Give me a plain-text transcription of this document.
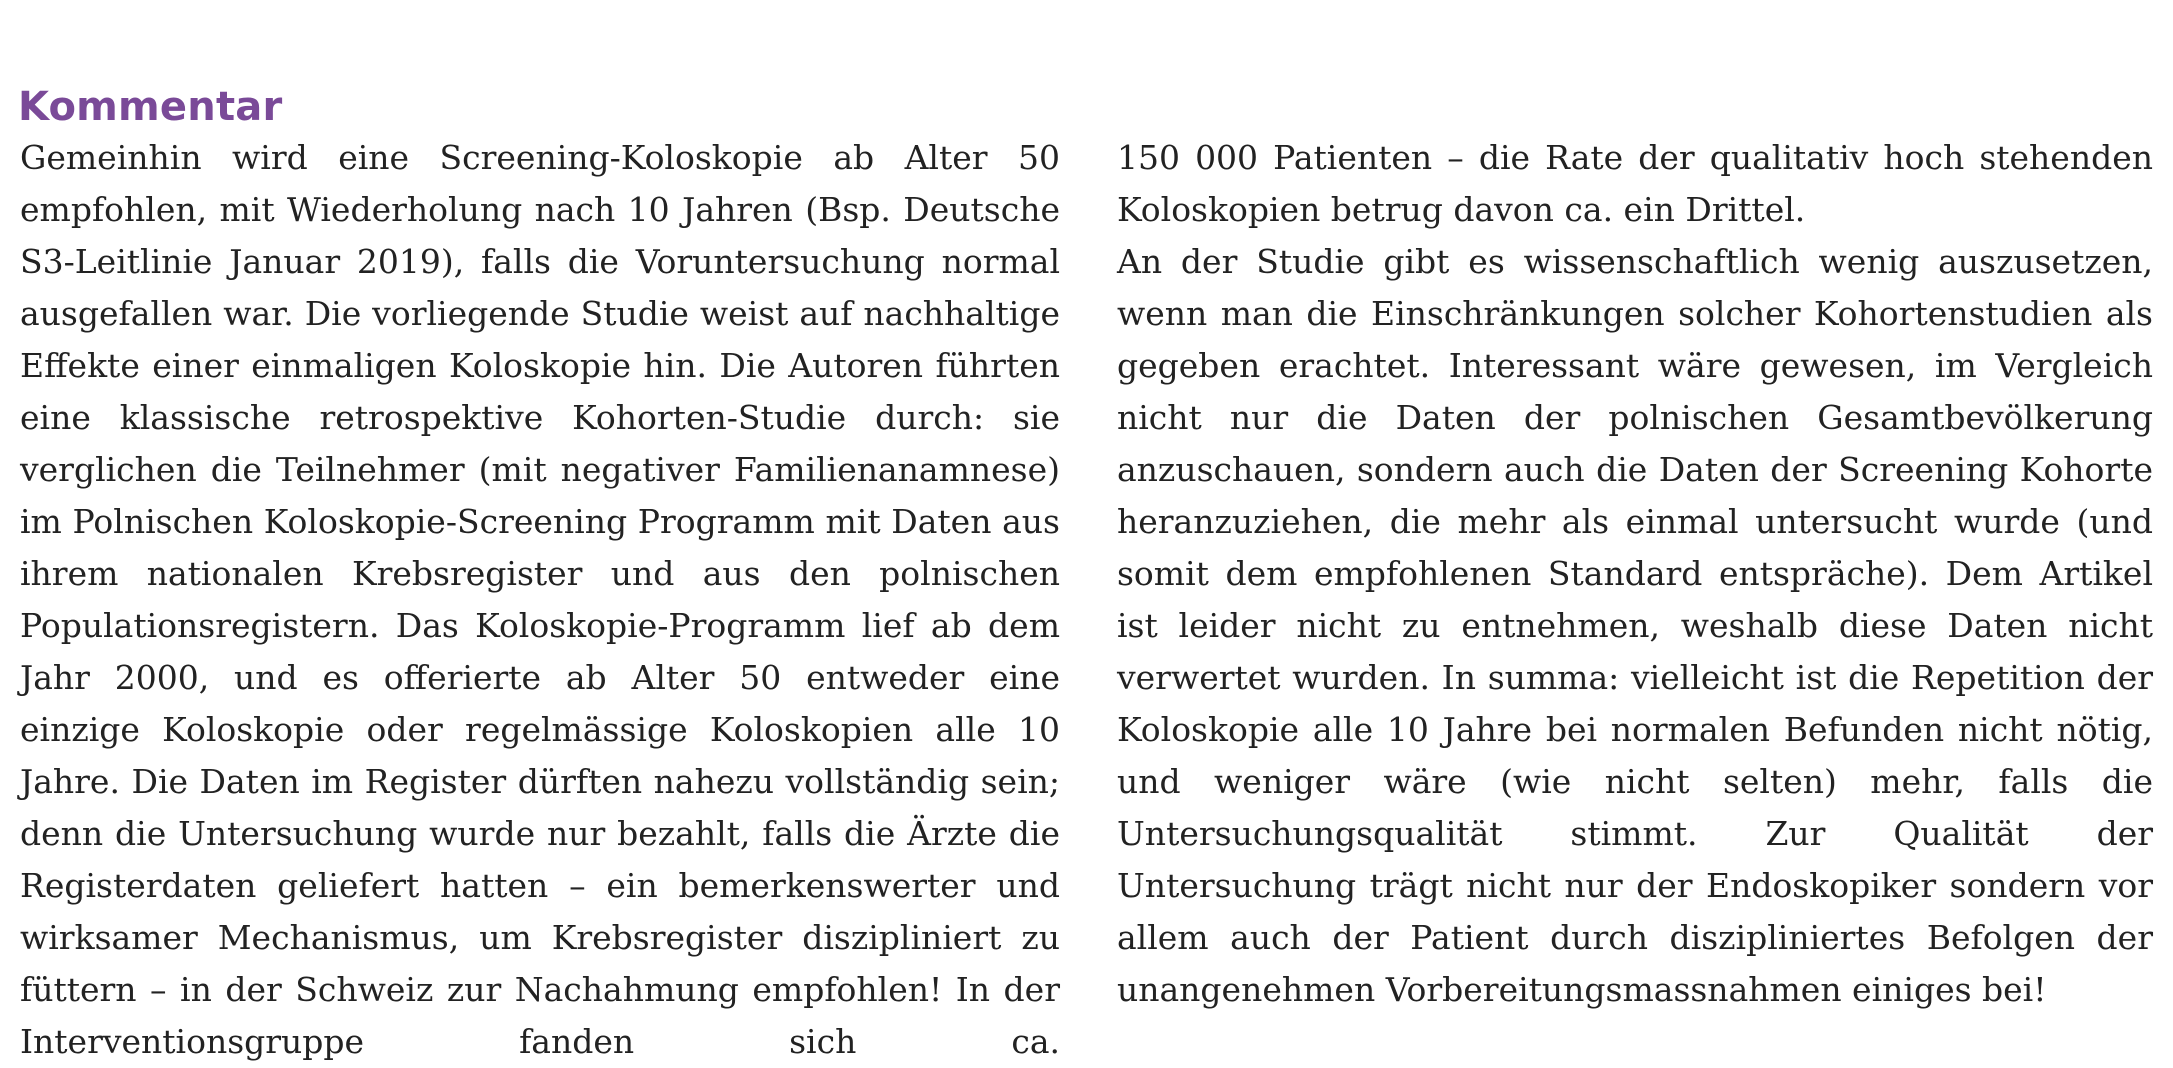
Kommentar

Gemeinhin wird eine Screening-Koloskopie ab Alter 50 empfohlen, mit Wiederholung nach 10 Jahren (Bsp. Deutsche S3-Leitlinie Januar 2019), falls die Voruntersuchung normal ausgefallen war. Die vorliegende Studie weist auf nachhaltige Effekte einer einmaligen Koloskopie hin. Die Autoren führten eine klassische retrospektive Kohorten-Studie durch: sie verglichen die Teilnehmer (mit negativer Familienanamnese) im Polnischen Koloskopie-Screening Programm mit Daten aus ihrem nationalen Krebsregister und aus den polnischen Populationsregistern. Das Koloskopie-Programm lief ab dem Jahr 2000, und es offerierte ab Alter 50 entweder eine einzige Koloskopie oder regelmässige Koloskopien alle 10 Jahre. Die Daten im Register dürften nahezu vollständig sein; denn die Untersuchung wurde nur bezahlt, falls die Ärzte die Registerdaten geliefert hatten – ein bemerkenswerter und wirksamer Mechanismus, um Krebsregister diszipliniert zu füttern – in der Schweiz zur Nachahmung empfohlen! In der Interventionsgruppe fanden sich ca.

150 000 Patienten – die Rate der qualitativ hoch stehenden Koloskopien betrug davon ca. ein Drittel.

An der Studie gibt es wissenschaftlich wenig auszusetzen, wenn man die Einschränkungen solcher Kohortenstudien als gegeben erachtet. Interessant wäre gewesen, im Vergleich nicht nur die Daten der polnischen Gesamtbevölkerung anzuschauen, sondern auch die Daten der Screening Kohorte heranzuziehen, die mehr als einmal untersucht wurde (und somit dem empfohlenen Standard entspräche). Dem Artikel ist leider nicht zu entnehmen, weshalb diese Daten nicht verwertet wurden. In summa: vielleicht ist die Repetition der Koloskopie alle 10 Jahre bei normalen Befunden nicht nötig, und weniger wäre (wie nicht selten) mehr, falls die Untersuchungsqualität stimmt. Zur Qualität der Untersuchung trägt nicht nur der Endoskopiker sondern vor allem auch der Patient durch diszipliniertes Befolgen der unangenehmen Vorbereitungsmassnahmen einiges bei!
